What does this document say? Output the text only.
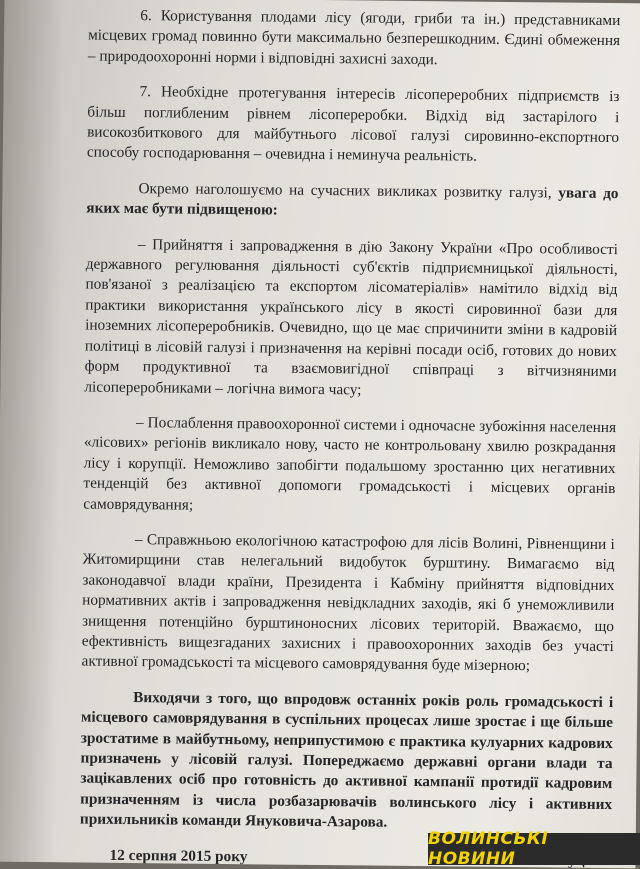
6. Користування плодами лісу (ягоди, гриби та ін.) представниками місцевих громад повинно бути максимально безперешкодним. Єдині обмеження – природоохоронні норми і відповідні захисні заходи.

7. Необхідне протегування інтересів лісопереробних підприємств із більш поглибленим рівнем лісопереробки. Відхід від застарілого і високозбиткового для майбутнього лісової галузі сировинно-експортного способу господарювання – очевидна і неминуча реальність.

Окремо наголошуємо на сучасних викликах розвитку галузі, увага до яких має бути підвищеною:

– Прийняття і запровадження в дію Закону України «Про особливості державного регулювання діяльності суб'єктів підприємницької діяльності, пов'язаної з реалізацією та експортом лісоматеріалів» намітило відхід від практики використання українського лісу в якості сировинної бази для іноземних лісопереробників. Очевидно, що це має спричинити зміни в кадровій політиці в лісовій галузі і призначення на керівні посади осіб, готових до нових форм продуктивної та взаємовигідної співпраці з вітчизняними лісопереробниками – логічна вимога часу;

– Послаблення правоохоронної системи і одночасне зубожіння населення «лісових» регіонів викликало нову, часто не контрольовану хвилю розкрадання лісу і корупції. Неможливо запобігти подальшому зростанню цих негативних тенденцій без активної допомоги громадськості і місцевих органів самоврядування;

– Справжньою екологічною катастрофою для лісів Волині, Рівненщини і Житомирщини став нелегальний видобуток бурштину. Вимагаємо від законодавчої влади країни, Президента і Кабміну прийняття відповідних нормативних актів і запровадження невідкладних заходів, які б унеможливили знищення потенційно бурштиноносних лісових територій. Вважаємо, що ефективність вищезгаданих захисних і правоохоронних заходів без участі активної громадськості та місцевого самоврядування буде мізерною;

Виходячи з того, що впродовж останніх років роль громадськості і місцевого самоврядування в суспільних процесах лише зростає і ще більше зростатиме в майбутньому, неприпустимою є практика кулуарних кадрових призначень у лісовій галузі. Попереджаємо державні органи влади та зацікавлених осіб про готовність до активної кампанії протидії кадровим призначенням із числа розбазарювачів волинського лісу і активних прихильників команди Януковича-Азарова.

12 серпня 2015 року
ВОЛИНСЬКІ НОВИНИ
